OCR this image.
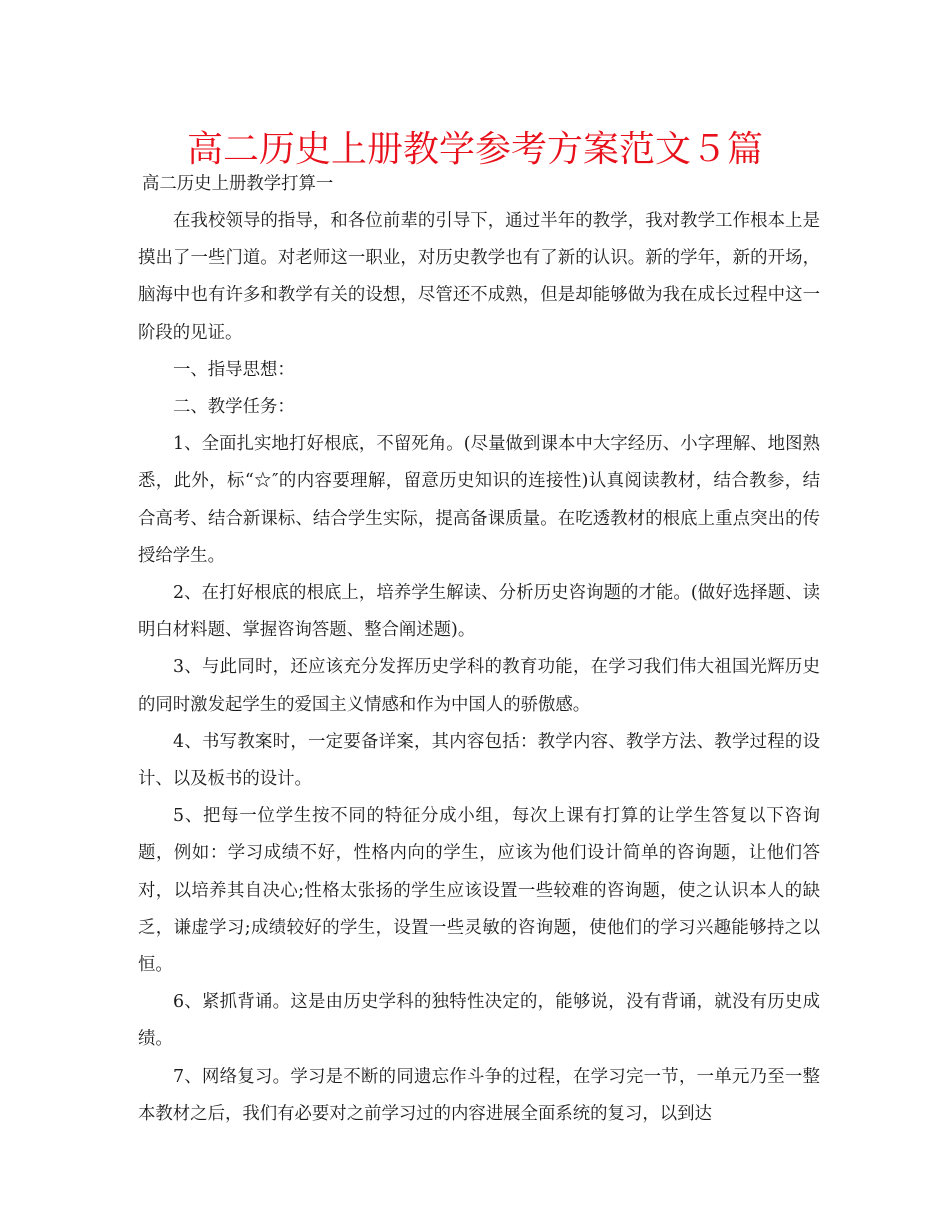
高二历史上册教学参考方案范文５篇

高二历史上册教学打算一

在我校领导的指导，和各位前辈的引导下，通过半年的教学，我对教学工作根本上是摸出了一些门道。对老师这一职业，对历史教学也有了新的认识。新的学年，新的开场，脑海中也有许多和教学有关的设想，尽管还不成熟，但是却能够做为我在成长过程中这一阶段的见证。

一、指导思想：

二、教学任务：

1、全面扎实地打好根底，不留死角。(尽量做到课本中大字经历、小字理解、地图熟悉，此外，标“☆″的内容要理解，留意历史知识的连接性)认真阅读教材，结合教参，结合高考、结合新课标、结合学生实际，提高备课质量。在吃透教材的根底上重点突出的传授给学生。

2、在打好根底的根底上，培养学生解读、分析历史咨询题的才能。(做好选择题、读明白材料题、掌握咨询答题、整合阐述题)。

3、与此同时，还应该充分发挥历史学科的教育功能，在学习我们伟大祖国光辉历史的同时激发起学生的爱国主义情感和作为中国人的骄傲感。

4、书写教案时，一定要备详案，其内容包括：教学内容、教学方法、教学过程的设计、以及板书的设计。

5、把每一位学生按不同的特征分成小组，每次上课有打算的让学生答复以下咨询题，例如：学习成绩不好，性格内向的学生，应该为他们设计简单的咨询题，让他们答对，以培养其自决心;性格太张扬的学生应该设置一些较难的咨询题，使之认识本人的缺乏，谦虚学习;成绩较好的学生，设置一些灵敏的咨询题，使他们的学习兴趣能够持之以恒。

6、紧抓背诵。这是由历史学科的独特性决定的，能够说，没有背诵，就没有历史成绩。

7、网络复习。学习是不断的同遗忘作斗争的过程，在学习完一节，一单元乃至一整本教材之后，我们有必要对之前学习过的内容进展全面系统的复习，以到达
